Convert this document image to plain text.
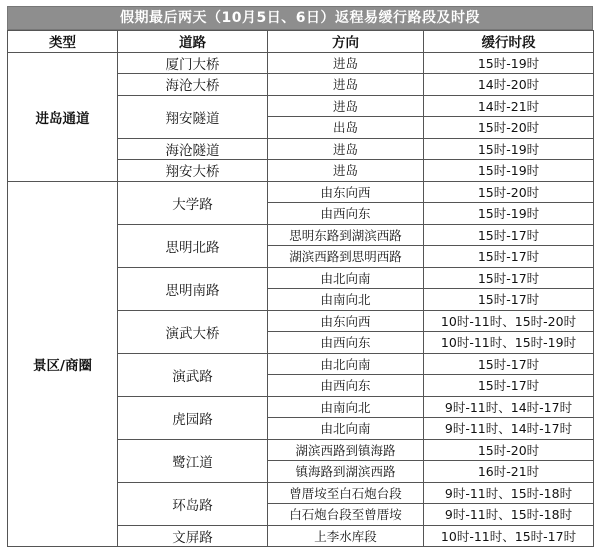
假期最后两天（10月5日、6日）返程易缓行路段及时段
类型	道路	方向	缓行时段
进岛通道	厦门大桥	进岛	15时-19时
	海沧大桥	进岛	14时-20时
	翔安隧道	进岛	14时-21时
		出岛	15时-20时
	海沧隧道	进岛	15时-19时
	翔安大桥	进岛	15时-19时
景区/商圈	大学路	由东向西	15时-20时
		由西向东	15时-19时
	思明北路	思明东路到湖滨西路	15时-17时
		湖滨西路到思明西路	15时-17时
	思明南路	由北向南	15时-17时
		由南向北	15时-17时
	演武大桥	由东向西	10时-11时、15时-20时
		由西向东	10时-11时、15时-19时
	演武路	由北向南	15时-17时
		由西向东	15时-17时
	虎园路	由南向北	9时-11时、14时-17时
		由北向南	9时-11时、14时-17时
	鹭江道	湖滨西路到镇海路	15时-20时
		镇海路到湖滨西路	16时-21时
	环岛路	曾厝垵至白石炮台段	9时-11时、15时-18时
		白石炮台段至曾厝垵	9时-11时、15时-18时
	文屏路	上李水库段	10时-11时、15时-17时
